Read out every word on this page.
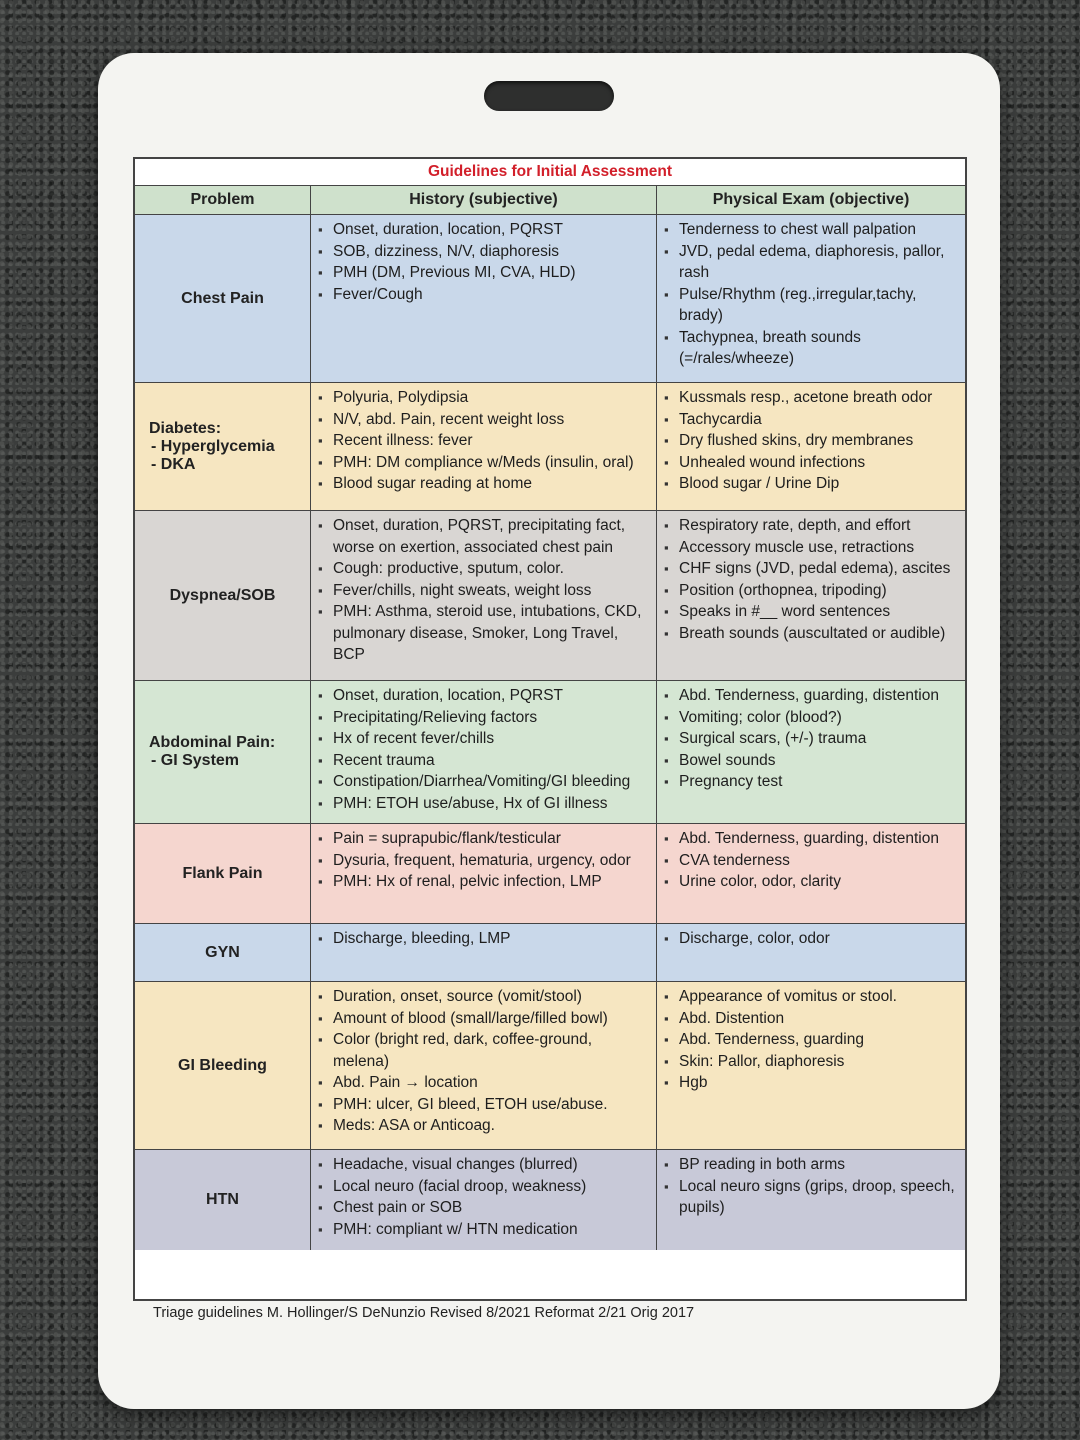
Guidelines for Initial Assessment
Problem	History (subjective)	Physical Exam (objective)
Chest Pain
▪ Onset, duration, location, PQRST
▪ SOB, dizziness, N/V, diaphoresis
▪ PMH (DM, Previous MI, CVA, HLD)
▪ Fever/Cough
▪ Tenderness to chest wall palpation
▪ JVD, pedal edema, diaphoresis, pallor, rash
▪ Pulse/Rhythm (reg.,irregular,tachy, brady)
▪ Tachypnea, breath sounds (=/rales/wheeze)
Diabetes:
- Hyperglycemia
- DKA
▪ Polyuria, Polydipsia
▪ N/V, abd. Pain, recent weight loss
▪ Recent illness: fever
▪ PMH: DM compliance w/Meds (insulin, oral)
▪ Blood sugar reading at home
▪ Kussmals resp., acetone breath odor
▪ Tachycardia
▪ Dry flushed skins, dry membranes
▪ Unhealed wound infections
▪ Blood sugar / Urine Dip
Dyspnea/SOB
▪ Onset, duration, PQRST, precipitating fact, worse on exertion, associated chest pain
▪ Cough: productive, sputum, color.
▪ Fever/chills, night sweats, weight loss
▪ PMH: Asthma, steroid use, intubations, CKD, pulmonary disease, Smoker, Long Travel, BCP
▪ Respiratory rate, depth, and effort
▪ Accessory muscle use, retractions
▪ CHF signs (JVD, pedal edema), ascites
▪ Position (orthopnea, tripoding)
▪ Speaks in #__ word sentences
▪ Breath sounds (auscultated or audible)
Abdominal Pain:
- GI System
▪ Onset, duration, location, PQRST
▪ Precipitating/Relieving factors
▪ Hx of recent fever/chills
▪ Recent trauma
▪ Constipation/Diarrhea/Vomiting/GI bleeding
▪ PMH: ETOH use/abuse, Hx of GI illness
▪ Abd. Tenderness, guarding, distention
▪ Vomiting; color (blood?)
▪ Surgical scars, (+/-) trauma
▪ Bowel sounds
▪ Pregnancy test
Flank Pain
▪ Pain = suprapubic/flank/testicular
▪ Dysuria, frequent, hematuria, urgency, odor
▪ PMH: Hx of renal, pelvic infection, LMP
▪ Abd. Tenderness, guarding, distention
▪ CVA tenderness
▪ Urine color, odor, clarity
GYN
▪ Discharge, bleeding, LMP
▪	Discharge, color, odor
GI Bleeding
▪ Duration, onset, source (vomit/stool)
▪ Amount of blood (small/large/filled bowl)
▪ Color (bright red, dark, coffee-ground, melena)
▪ Abd. Pain → location
▪ PMH: ulcer, GI bleed, ETOH use/abuse.
▪ Meds: ASA or Anticoag.
▪ Appearance of vomitus or stool.
▪ Abd. Distention
▪ Abd. Tenderness, guarding
▪ Skin: Pallor, diaphoresis
▪ Hgb
HTN
▪ Headache, visual changes (blurred)
▪ Local neuro (facial droop, weakness)
▪ Chest pain or SOB
▪ PMH: compliant w/ HTN medication
▪ BP reading in both arms
▪ Local neuro signs (grips, droop, speech, pupils)
Triage guidelines M. Hollinger/S DeNunzio Revised 8/2021 Reformat 2/21 Orig 2017
